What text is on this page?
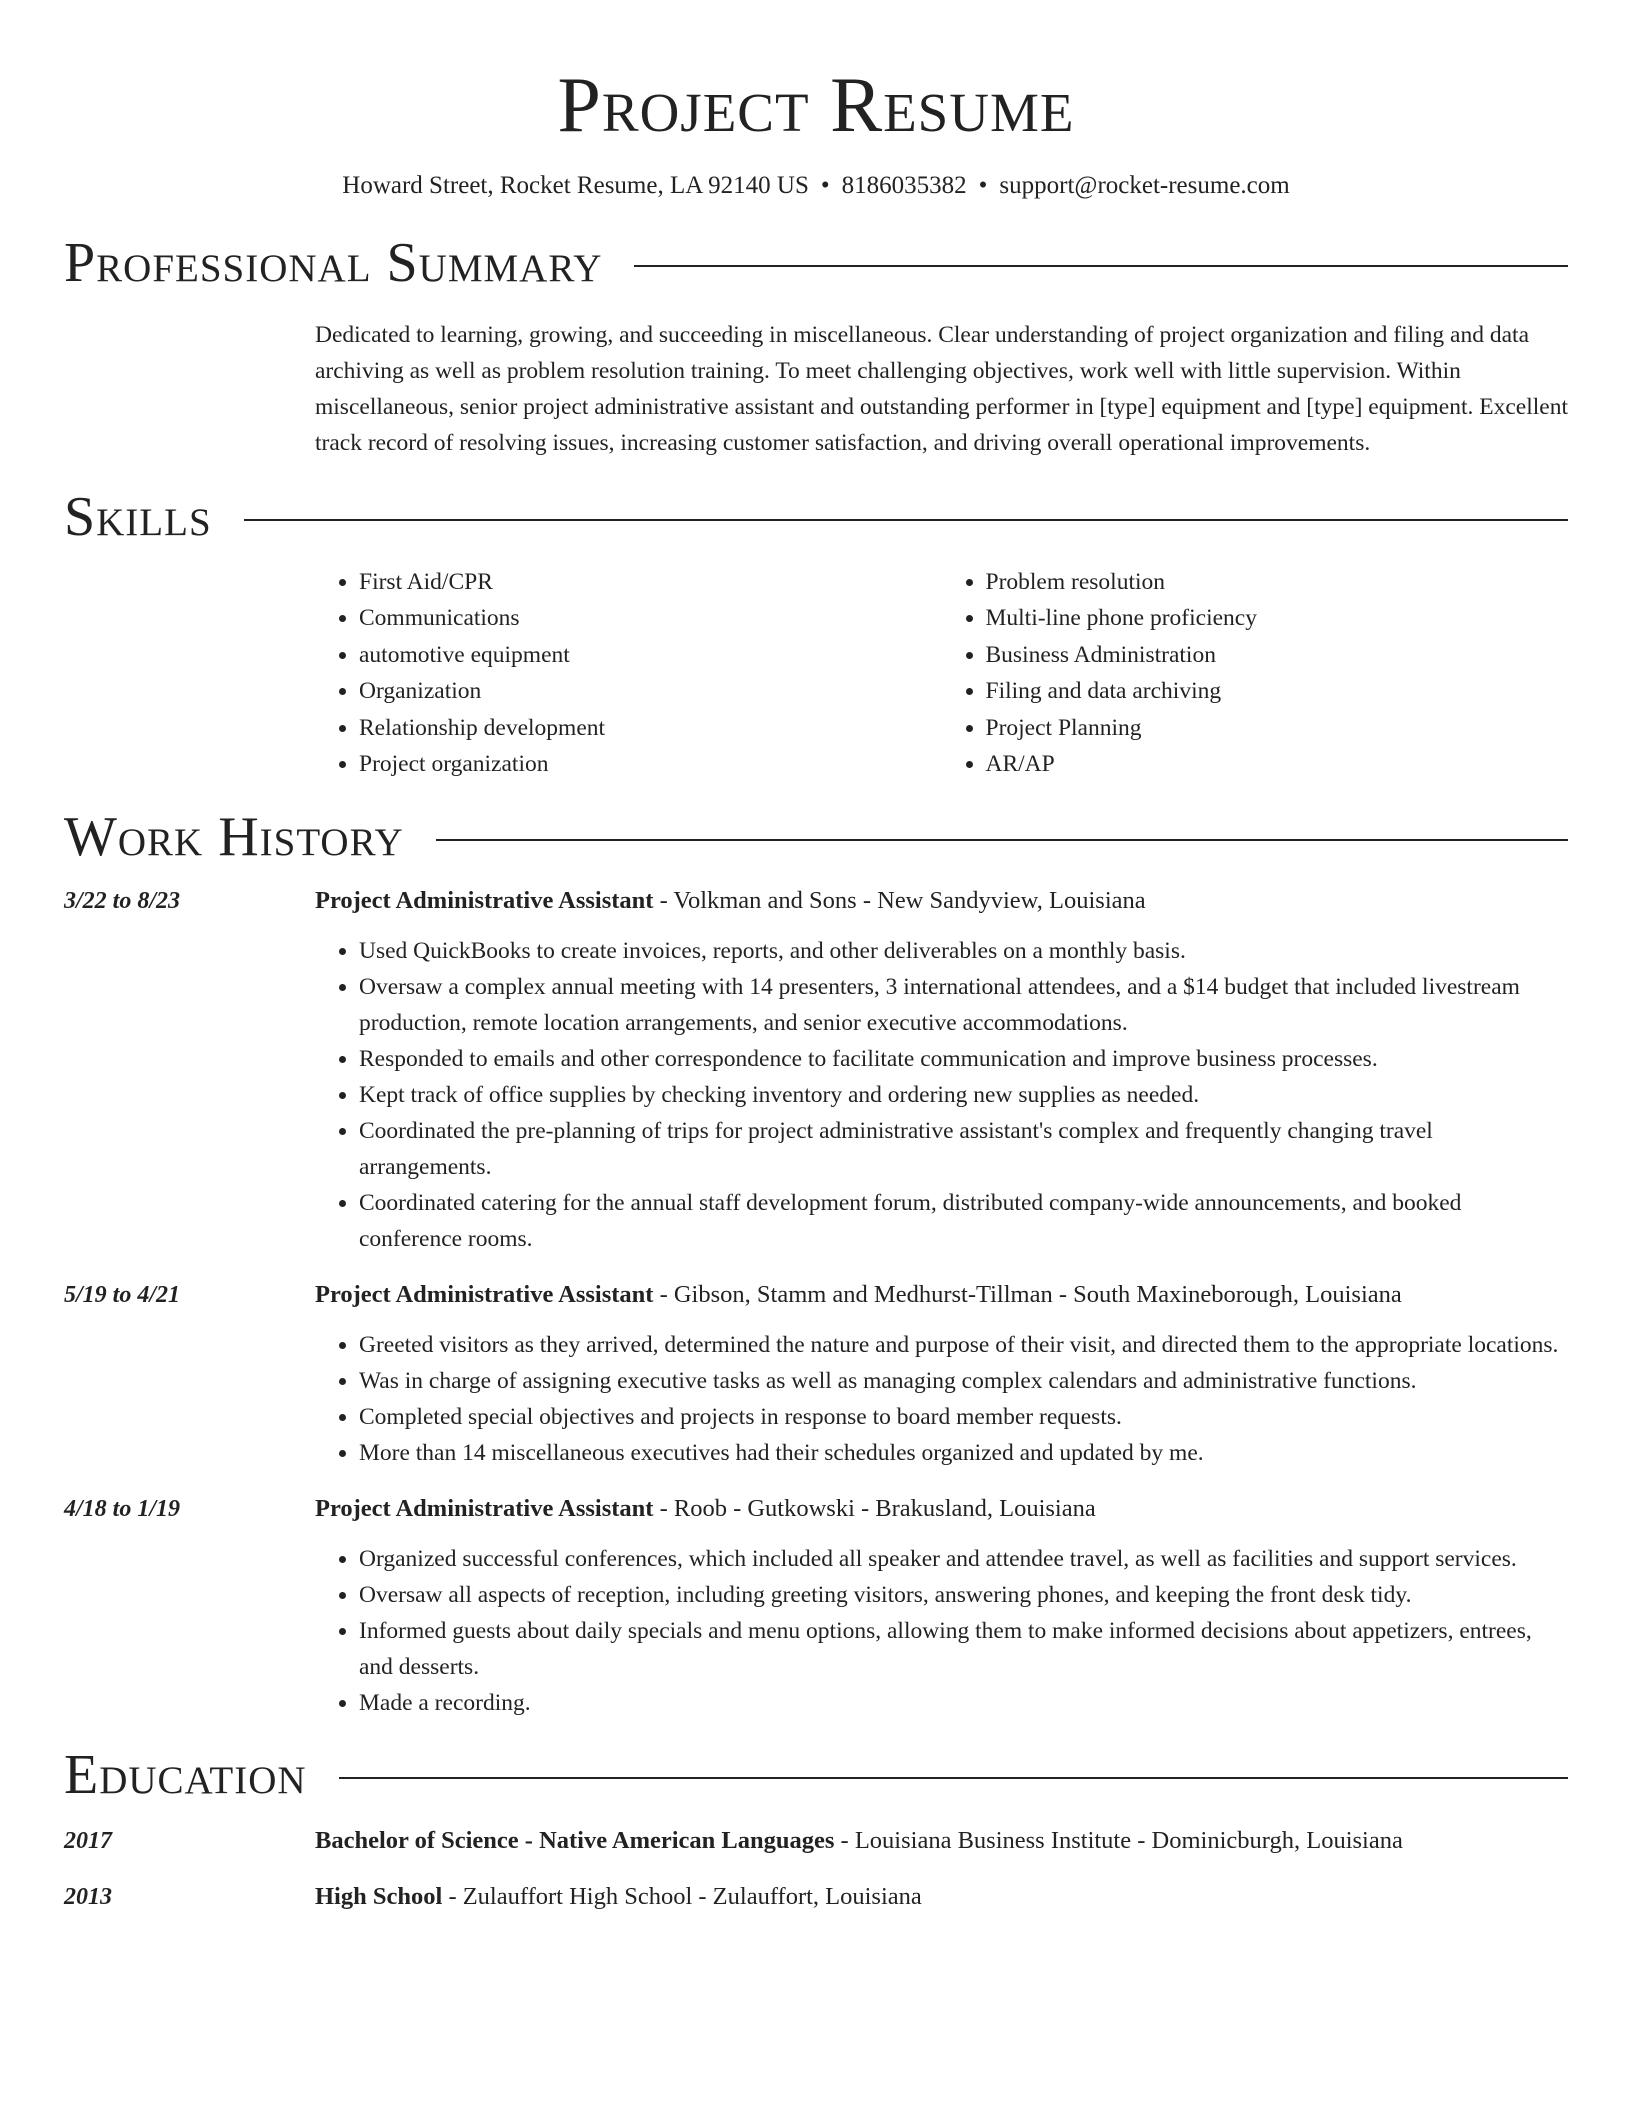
Project Resume
Howard Street, Rocket Resume, LA 92140 US • 8186035382 • support@rocket-resume.com
Professional Summary

Dedicated to learning, growing, and succeeding in miscellaneous. Clear understanding of project organization and filing and data archiving as well as problem resolution training. To meet challenging objectives, work well with little supervision. Within miscellaneous, senior project administrative assistant and outstanding performer in [type] equipment and [type] equipment. Excellent track record of resolving issues, increasing customer satisfaction, and driving overall operational improvements.

Skills
• First Aid/CPR
• Communications
• automotive equipment
• Organization
• Relationship development
• Project organization
• Problem resolution
• Multi-line phone proficiency
• Business Administration
• Filing and data archiving
• Project Planning
• AR/AP
Work History
3/22 to 8/23	Project Administrative Assistant - Volkman and Sons - New Sandyview, Louisiana
• Used QuickBooks to create invoices, reports, and other deliverables on a monthly basis.
• Oversaw a complex annual meeting with 14 presenters, 3 international attendees, and a $14 budget that included livestream production, remote location arrangements, and senior executive accommodations.
• Responded to emails and other correspondence to facilitate communication and improve business processes.
• Kept track of office supplies by checking inventory and ordering new supplies as needed.
• Coordinated the pre-planning of trips for project administrative assistant's complex and frequently changing travel arrangements.
• Coordinated catering for the annual staff development forum, distributed company-wide announcements, and booked conference rooms.
5/19 to 4/21	Project Administrative Assistant - Gibson, Stamm and Medhurst-Tillman - South Maxineborough, Louisiana
• Greeted visitors as they arrived, determined the nature and purpose of their visit, and directed them to the appropriate locations.
• Was in charge of assigning executive tasks as well as managing complex calendars and administrative functions.
• Completed special objectives and projects in response to board member requests.
• More than 14 miscellaneous executives had their schedules organized and updated by me.
4/18 to 1/19	Project Administrative Assistant - Roob - Gutkowski - Brakusland, Louisiana
• Organized successful conferences, which included all speaker and attendee travel, as well as facilities and support services.
• Oversaw all aspects of reception, including greeting visitors, answering phones, and keeping the front desk tidy.
• Informed guests about daily specials and menu options, allowing them to make informed decisions about appetizers, entrees, and desserts.
• Made a recording.
Education
2017	Bachelor of Science - Native American Languages - Louisiana Business Institute - Dominicburgh, Louisiana
2013	High School - Zulauffort High School - Zulauffort, Louisiana
